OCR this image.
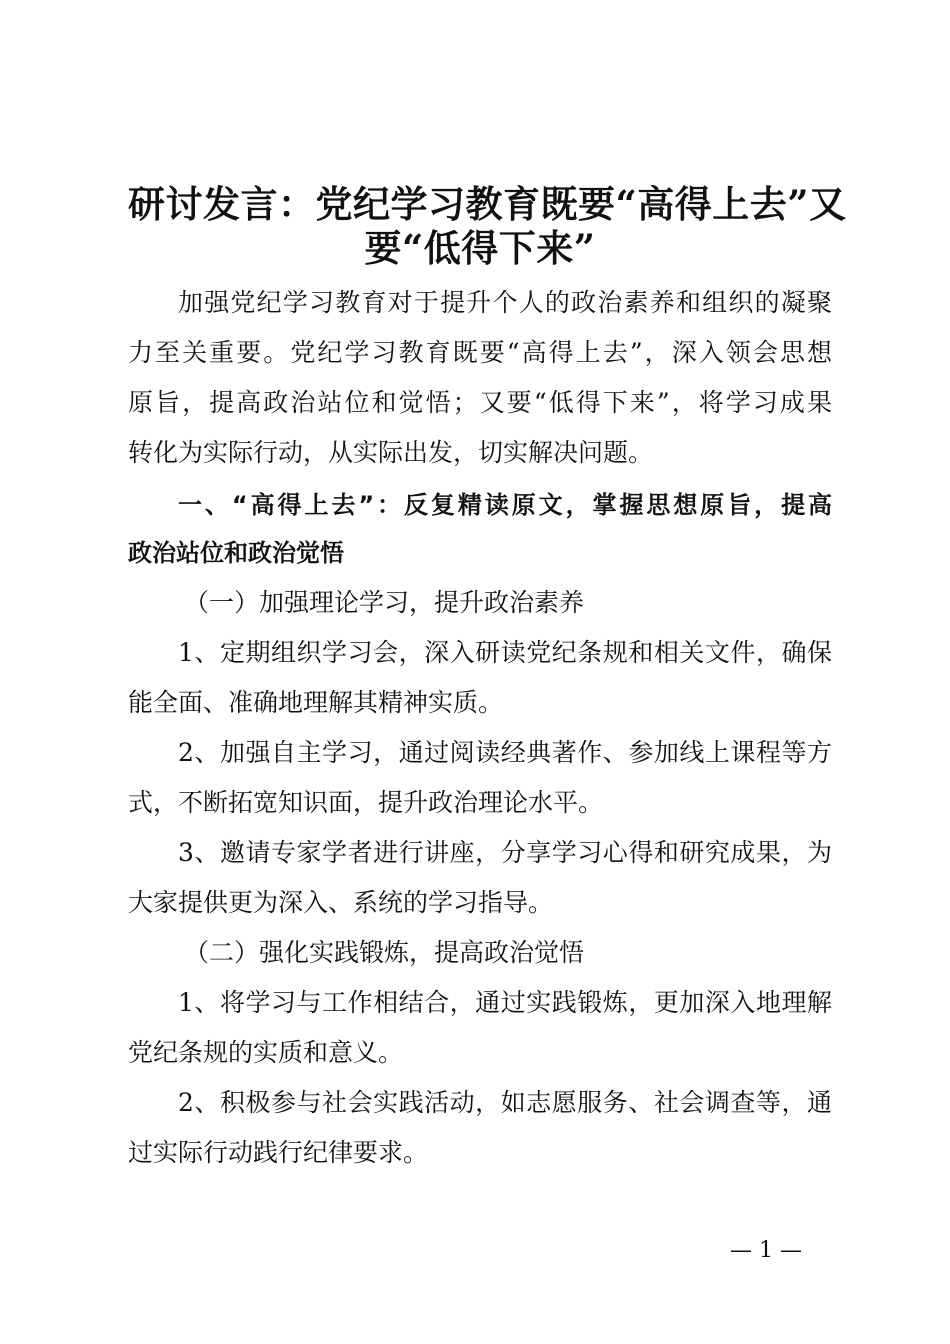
研讨发言：党纪学习教育既要“高得上去”又
要“低得下来”
加强党纪学习教育对于提升个人的政治素养和组织的凝聚
力至关重要。党纪学习教育既要“高得上去”，深入领会思想
原旨，提高政治站位和觉悟；又要“低得下来”，将学习成果
转化为实际行动，从实际出发，切实解决问题。
一、“高得上去”：反复精读原文，掌握思想原旨，提高
政治站位和政治觉悟
（一）加强理论学习，提升政治素养
1、定期组织学习会，深入研读党纪条规和相关文件，确保
能全面、准确地理解其精神实质。
2、加强自主学习，通过阅读经典著作、参加线上课程等方
式，不断拓宽知识面，提升政治理论水平。
3、邀请专家学者进行讲座，分享学习心得和研究成果，为
大家提供更为深入、系统的学习指导。
（二）强化实践锻炼，提高政治觉悟
1、将学习与工作相结合，通过实践锻炼，更加深入地理解
党纪条规的实质和意义。
2、积极参与社会实践活动，如志愿服务、社会调查等，通
过实际行动践行纪律要求。
— 1 —
